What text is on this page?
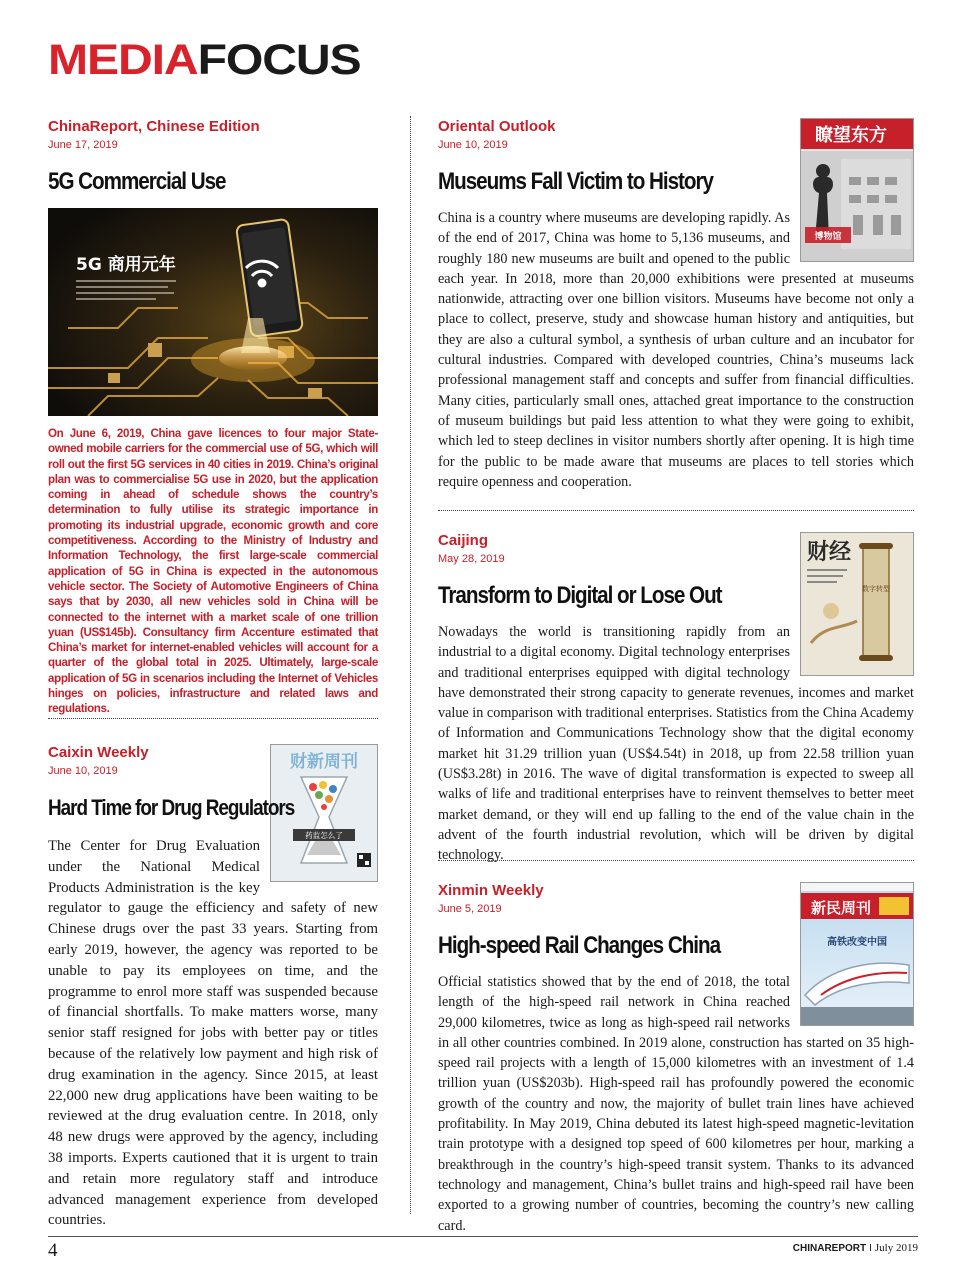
MEDIAFOCUS
ChinaReport, Chinese Edition
June 17, 2019
5G Commercial Use
5G 商用元年

On June 6, 2019, China gave licences to four major State-owned mobile carriers for the commercial use of 5G, which will roll out the first 5G services in 40 cities in 2019. China’s original plan was to commercialise 5G use in 2020, but the application coming in ahead of schedule shows the country’s determination to fully utilise its strategic importance in promoting its industrial upgrade, economic growth and core competitiveness. According to the Ministry of Industry and Information Technology, the first large-scale commercial application of 5G in China is expected in the autonomous vehicle sector. The Society of Automotive Engineers of China says that by 2030, all new vehicles sold in China will be connected to the internet with a market scale of one trillion yuan (US$145b). Consultancy firm Accenture estimated that China’s market for internet-enabled vehicles will account for a quarter of the global total in 2025. Ultimately, large-scale application of 5G in scenarios including the Internet of Vehicles hinges on policies, infrastructure and related laws and regulations.

财新周刊
药监怎么了
Caixin Weekly
June 10, 2019
Hard Time for Drug Regulators

The Center for Drug Evaluation under the National Medical Products Administration is the key regulator to gauge the efficiency and safety of new Chinese drugs over the past 33 years. Starting from early 2019, however, the agency was reported to be unable to pay its employees on time, and the programme to enrol more staff was suspended because of financial shortfalls. To make matters worse, many senior staff resigned for jobs with better pay or titles because of the relatively low payment and high risk of drug examination in the agency. Since 2015, at least 22,000 new drug applications have been waiting to be reviewed at the drug evaluation centre. In 2018, only 48 new drugs were approved by the agency, including 38 imports. Experts cautioned that it is urgent to train and retain more regulatory staff and introduce advanced management experience from developed countries.

瞭望东方
博物馆
Oriental Outlook
June 10, 2019
Museums Fall Victim to History

China is a country where museums are developing rapidly. As of the end of 2017, China was home to 5,136 museums, and roughly 180 new museums are built and opened to the public each year. In 2018, more than 20,000 exhibitions were presented at museums nationwide, attracting over one billion visitors. Museums have become not only a place to collect, preserve, study and showcase human history and antiquities, but they are also a cultural symbol, a synthesis of urban culture and an incubator for cultural industries. Compared with developed countries, China’s museums lack professional management staff and concepts and suffer from financial difficulties. Many cities, particularly small ones, attached great importance to the construction of museum buildings but paid less attention to what they were going to exhibit, which led to steep declines in visitor numbers shortly after opening. It is high time for the public to be made aware that museums are places to tell stories which require openness and cooperation.

财经
数字转型
Caijing
May 28, 2019
Transform to Digital or Lose Out

Nowadays the world is transitioning rapidly from an industrial to a digital economy. Digital technology enterprises and traditional enterprises equipped with digital technology have demonstrated their strong capacity to generate revenues, incomes and market value in comparison with traditional enterprises. Statistics from the China Academy of Information and Communications Technology show that the digital economy market hit 31.29 trillion yuan (US$4.54t) in 2018, up from 22.58 trillion yuan (US$3.28t) in 2016. The wave of digital transformation is expected to sweep all walks of life and traditional enterprises have to reinvent themselves to better meet market demand, or they will end up falling to the end of the value chain in the advent of the fourth industrial revolution, which will be driven by digital technology.

新民周刊
高铁改变中国
Xinmin Weekly
June 5, 2019
High-speed Rail Changes China

Official statistics showed that by the end of 2018, the total length of the high-speed rail network in China reached 29,000 kilometres, twice as long as high-speed rail networks in all other countries combined. In 2019 alone, construction has started on 35 high-speed rail projects with a length of 15,000 kilometres with an investment of 1.4 trillion yuan (US$203b). High-speed rail has profoundly powered the economic growth of the country and now, the majority of bullet train lines have achieved profitability. In May 2019, China debuted its latest high-speed magnetic-levitation train prototype with a designed top speed of 600 kilometres per hour, marking a breakthrough in the country’s high-speed transit system. Thanks to its advanced technology and management, China’s bullet trains and high-speed rail have been exported to a growing number of countries, becoming the country’s new calling card.

4	CHINAREPORT I July 2019
